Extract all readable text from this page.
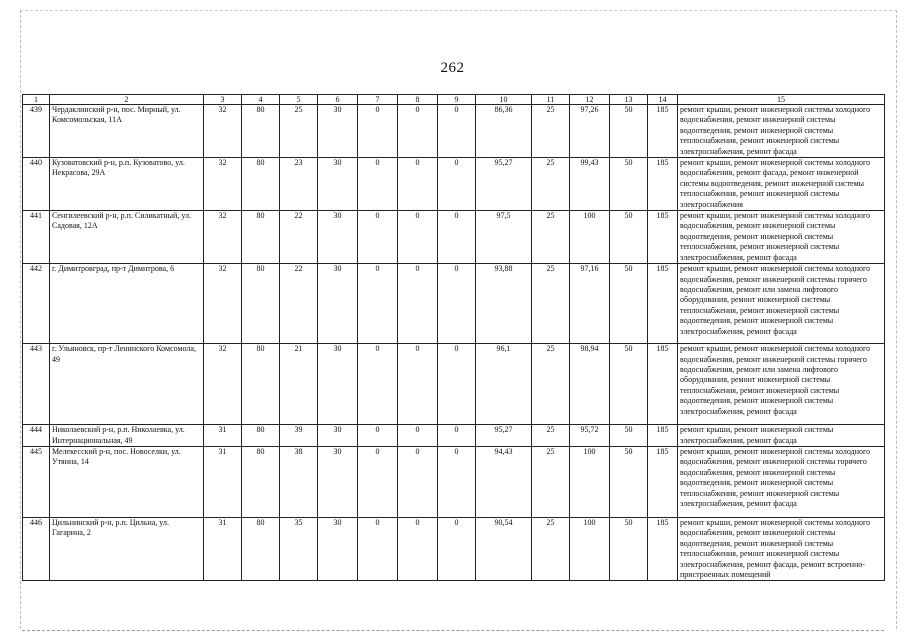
262
1	2	3	4	5	6	7	8	9	10	11	12	13	14	15
439	Чердаклинский р-н, пос. Мирный, ул. Комсомольская, 11А	32	80	25	30	0	0	0	86,36	25	97,26	50	185	ремонт крыши, ремонт инженерной системы холодного водоснабжения, ремонт инженерной системы водоотведения, ремонт инженерной системы теплоснабжения, ремонт инженерной системы электроснабжения, ремонт фасада
440	Кузоватовский р-н, р.п. Кузоватово, ул. Некрасова, 29А	32	80	23	30	0	0	0	95,27	25	99,43	50	185	ремонт крыши, ремонт инженерной системы холодного водоснабжения, ремонт фасада, ремонт инженерной системы водоотведения, ремонт инженерной системы теплоснабжения, ремонт инженерной системы электроснабжения
441	Сенгилеевский р-н, р.п. Силикатный, ул. Садовая, 12А	32	80	22	30	0	0	0	97,5	25	100	50	185	ремонт крыши, ремонт инженерной системы холодного водоснабжения, ремонт инженерной системы водоотведения, ремонт инженерной системы теплоснабжения, ремонт инженерной системы электроснабжения, ремонт фасада
442	г. Димитровград, пр-т Димитрова, 6	32	80	22	30	0	0	0	93,88	25	97,16	50	185	ремонт крыши, ремонт инженерной системы холодного водоснабжения, ремонт инженерной системы горячего водоснабжения, ремонт или замена лифтового оборудования, ремонт инженерной системы теплоснабжения, ремонт инженерной системы водоотведения, ремонт инженерной системы электроснабжения, ремонт фасада
443	г. Ульяновск, пр-т Ленинского Комсомола, 49	32	80	21	30	0	0	0	96,1	25	98,94	50	185	ремонт крыши, ремонт инженерной системы холодного водоснабжения, ремонт инженерной системы горячего водоснабжения, ремонт или замена лифтового оборудования, ремонт инженерной системы теплоснабжения, ремонт инженерной системы водоотведения, ремонт инженерной системы электроснабжения, ремонт фасада
444	Николаевский р-н, р.п. Николаевка, ул. Интернациональная, 49	31	80	39	30	0	0	0	95,27	25	95,72	50	185	ремонт крыши, ремонт инженерной системы электроснабжения, ремонт фасада
445	Мелекесский р-н, пос. Новоселки, ул. Утяина, 14	31	80	38	30	0	0	0	94,43	25	100	50	185	ремонт крыши, ремонт инженерной системы холодного водоснабжения, ремонт инженерной системы горячего водоснабжения, ремонт инженерной системы водоотведения, ремонт инженерной системы теплоснабжения, ремонт инженерной системы электроснабжения, ремонт фасада
446	Цильнинский р-н, р.п. Цильна, ул. Гагарина, 2	31	80	35	30	0	0	0	90,54	25	100	50	185	ремонт крыши, ремонт инженерной системы холодного водоснабжения, ремонт инженерной системы водоотведения, ремонт инженерной системы теплоснабжения, ремонт инженерной системы электроснабжения, ремонт фасада, ремонт встроенно-пристроенных помещений
